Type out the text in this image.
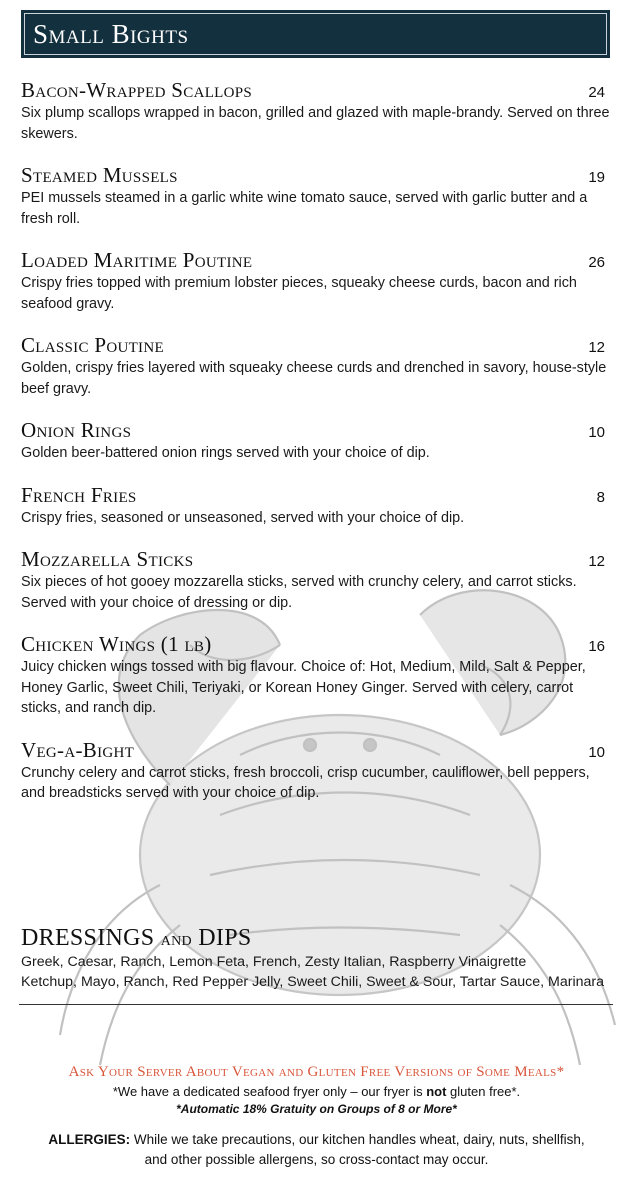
Small Bights
Bacon-Wrapped Scallops	24
Six plump scallops wrapped in bacon, grilled and glazed with maple-brandy. Served on three skewers.
Steamed Mussels	19
PEI mussels steamed in a garlic white wine tomato sauce, served with garlic butter and a fresh roll.
Loaded Maritime Poutine	26
Crispy fries topped with premium lobster pieces, squeaky cheese curds, bacon and rich seafood gravy.
Classic Poutine	12
Golden, crispy fries layered with squeaky cheese curds and drenched in savory, house-style beef gravy.
Onion Rings	10
Golden beer-battered onion rings served with your choice of dip.
French Fries	8
Crispy fries, seasoned or unseasoned, served with your choice of dip.
Mozzarella Sticks	12
Six pieces of hot gooey mozzarella sticks, served with crunchy celery, and carrot sticks. Served with your choice of dressing or dip.
Chicken Wings (1 lb)	16
Juicy chicken wings tossed with big flavour. Choice of: Hot, Medium, Mild, Salt & Pepper, Honey Garlic, Sweet Chili, Teriyaki, or Korean Honey Ginger. Served with celery, carrot sticks, and ranch dip.
Veg-a-Bight	10
Crunchy celery and carrot sticks, fresh broccoli, crisp cucumber, cauliflower, bell peppers, and breadsticks served with your choice of dip.
DRESSINGS and DIPS
Greek, Caesar, Ranch, Lemon Feta, French, Zesty Italian, Raspberry Vinaigrette
Ketchup, Mayo, Ranch, Red Pepper Jelly, Sweet Chili, Sweet & Sour, Tartar Sauce, Marinara
Ask Your Server About Vegan and Gluten Free Versions of Some Meals*
*We have a dedicated seafood fryer only – our fryer is not gluten free*.
*Automatic 18% Gratuity on Groups of 8 or More*
ALLERGIES: While we take precautions, our kitchen handles wheat, dairy, nuts, shellfish,
and other possible allergens, so cross-contact may occur.
